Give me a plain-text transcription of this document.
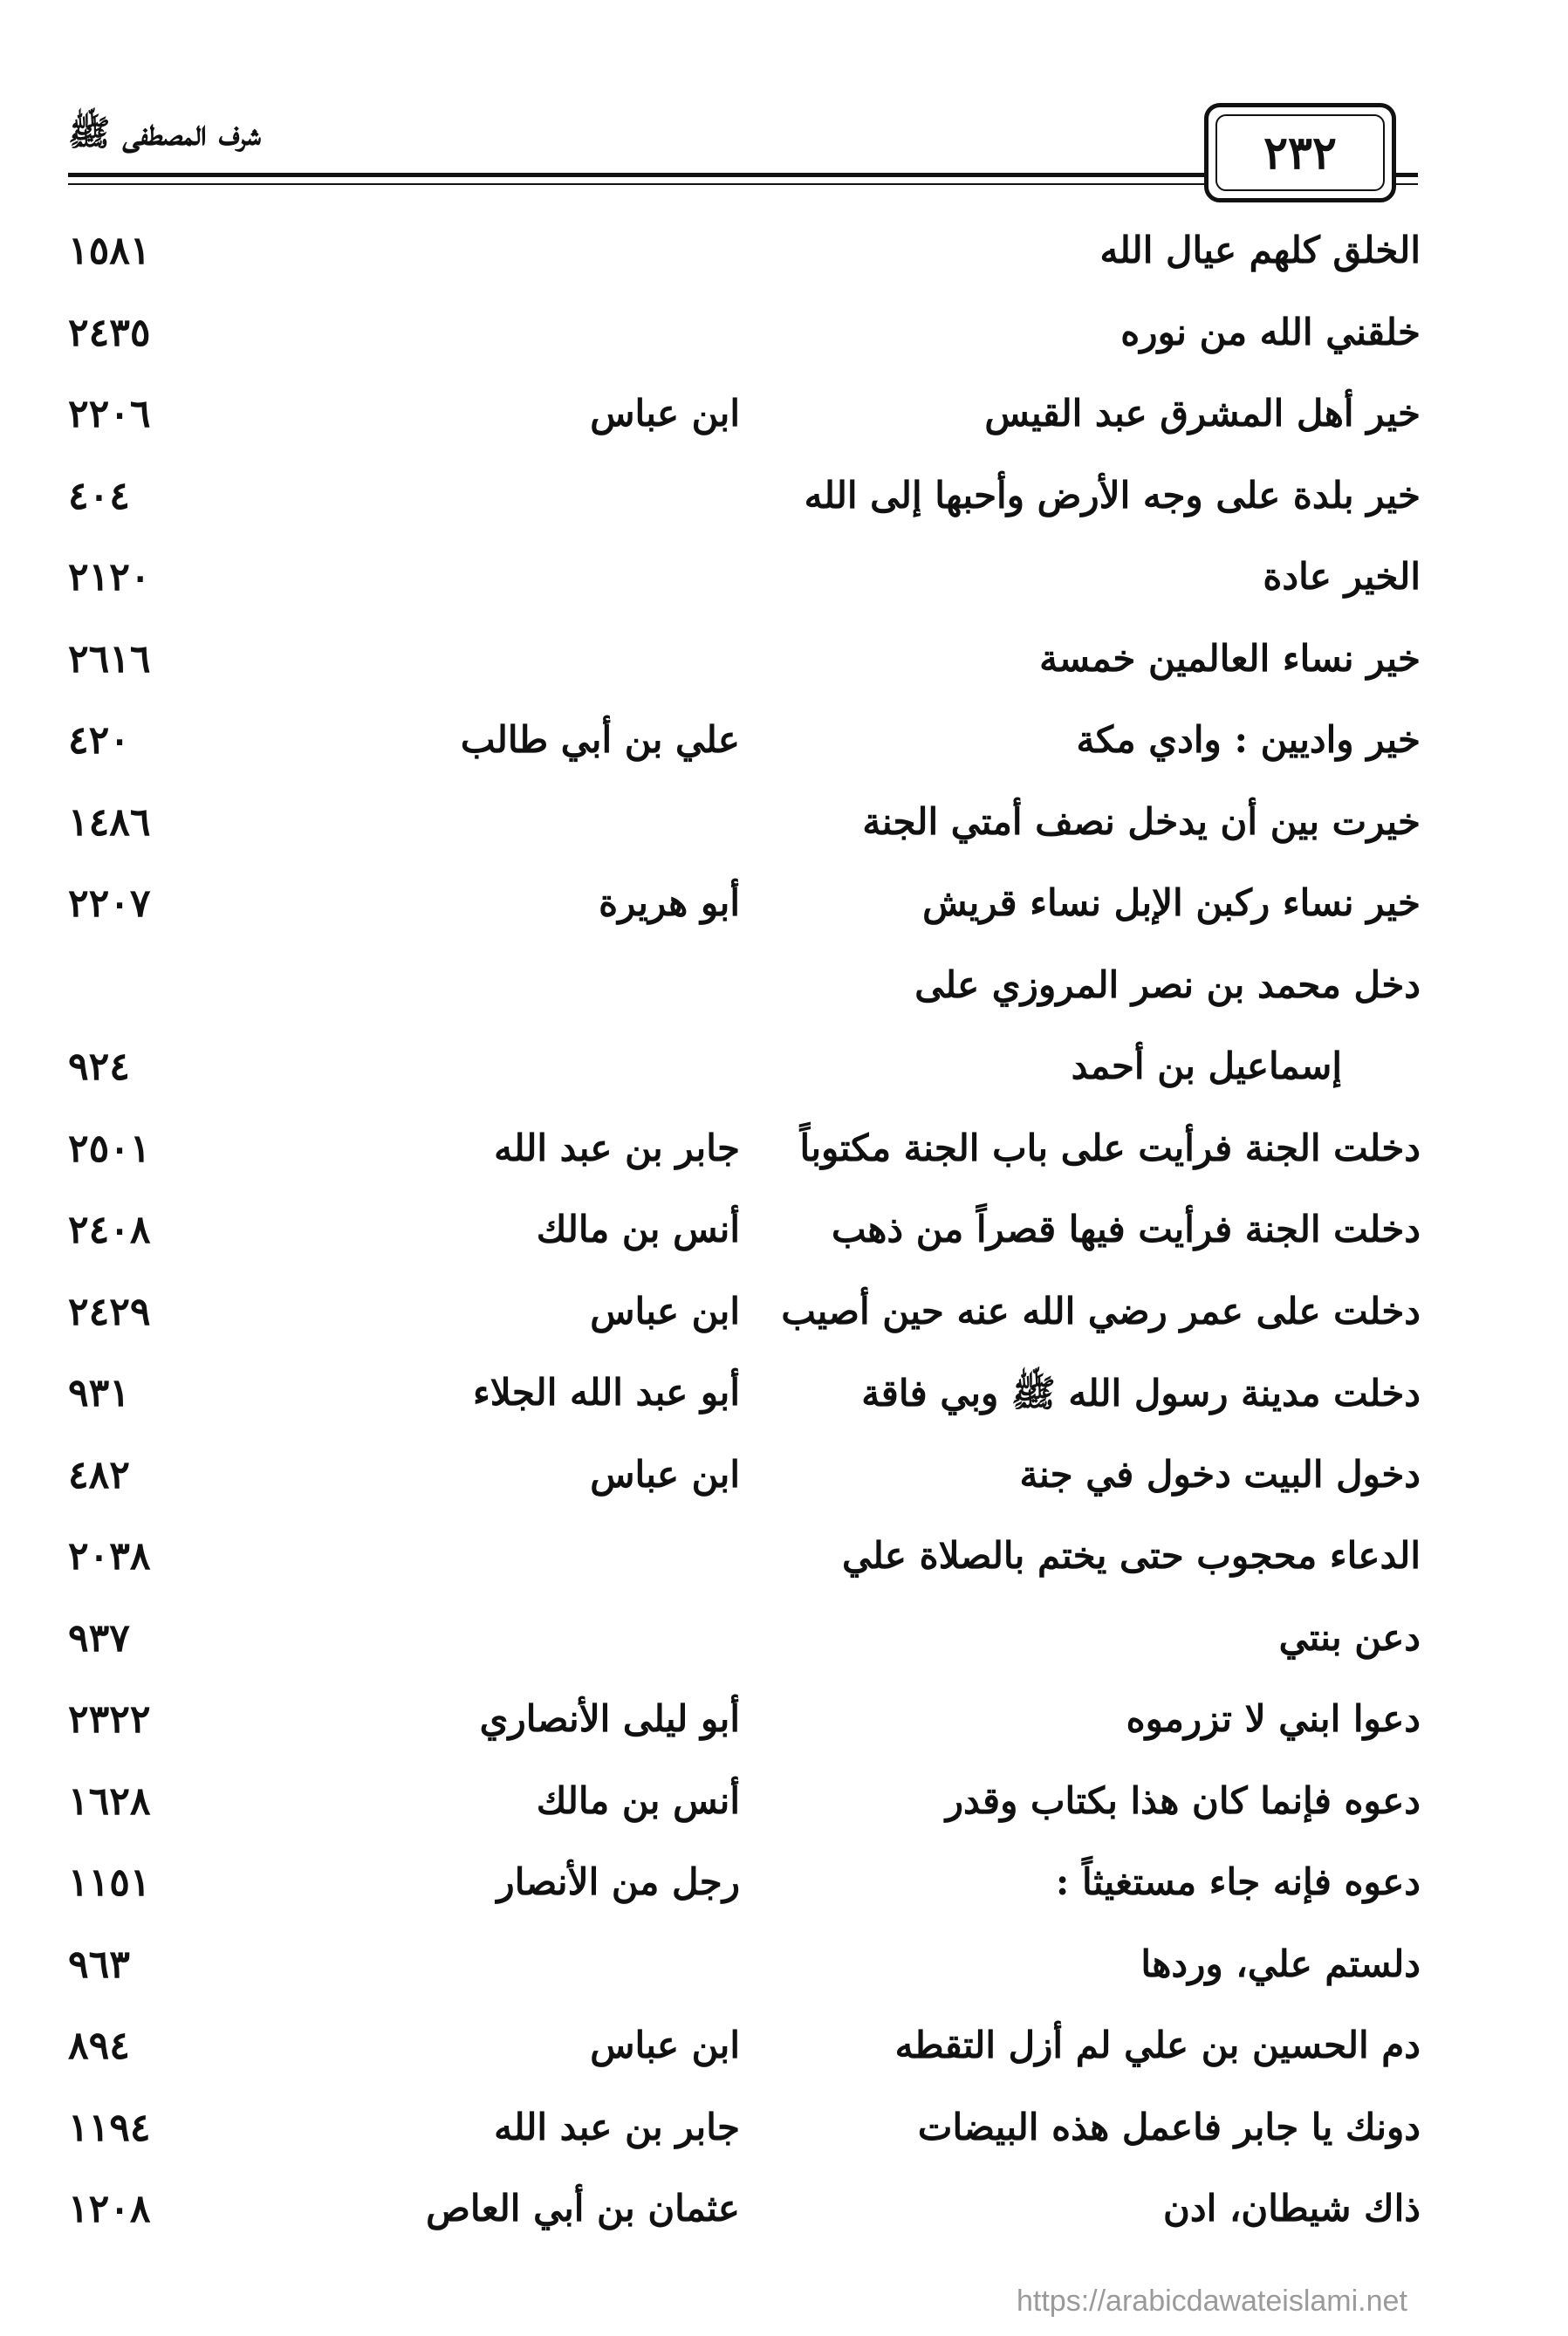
شرف المصطفى ﷺ	٢٣٢
الخلق كلهم عيال الله
١٥٨١
خلقني الله من نوره
٢٤٣٥
خير أهل المشرق عبد القيس
ابن عباس
٢٢٠٦
خير بلدة على وجه الأرض وأحبها إلى الله
٤٠٤
الخير عادة
٢١٢٠
خير نساء العالمين خمسة
٢٦١٦
خير واديين : وادي مكة
علي بن أبي طالب
٤٢٠
خيرت بين أن يدخل نصف أمتي الجنة
١٤٨٦
خير نساء ركبن الإبل نساء قريش
أبو هريرة
٢٢٠٧
دخل محمد بن نصر المروزي على
إسماعيل بن أحمد
٩٢٤
دخلت الجنة فرأيت على باب الجنة مكتوباً
جابر بن عبد الله
٢٥٠١
دخلت الجنة فرأيت فيها قصراً من ذهب
أنس بن مالك
٢٤٠٨
دخلت على عمر رضي الله عنه حين أصيب
ابن عباس
٢٤٢٩
دخلت مدينة رسول الله ﷺ وبي فاقة
أبو عبد الله الجلاء
٩٣١
دخول البيت دخول في جنة
ابن عباس
٤٨٢
الدعاء محجوب حتى يختم بالصلاة علي
٢٠٣٨
دعن بنتي
٩٣٧
دعوا ابني لا تزرموه
أبو ليلى الأنصاري
٢٣٢٢
دعوه فإنما كان هذا بكتاب وقدر
أنس بن مالك
١٦٢٨
دعوه فإنه جاء مستغيثاً :
رجل من الأنصار
١١٥١
دلستم علي، وردها
٩٦٣
دم الحسين بن علي لم أزل التقطه
ابن عباس
٨٩٤
دونك يا جابر فاعمل هذه البيضات
جابر بن عبد الله
١١٩٤
ذاك شيطان، ادن
عثمان بن أبي العاص
١٢٠٨
https://arabicdawateislami.net
